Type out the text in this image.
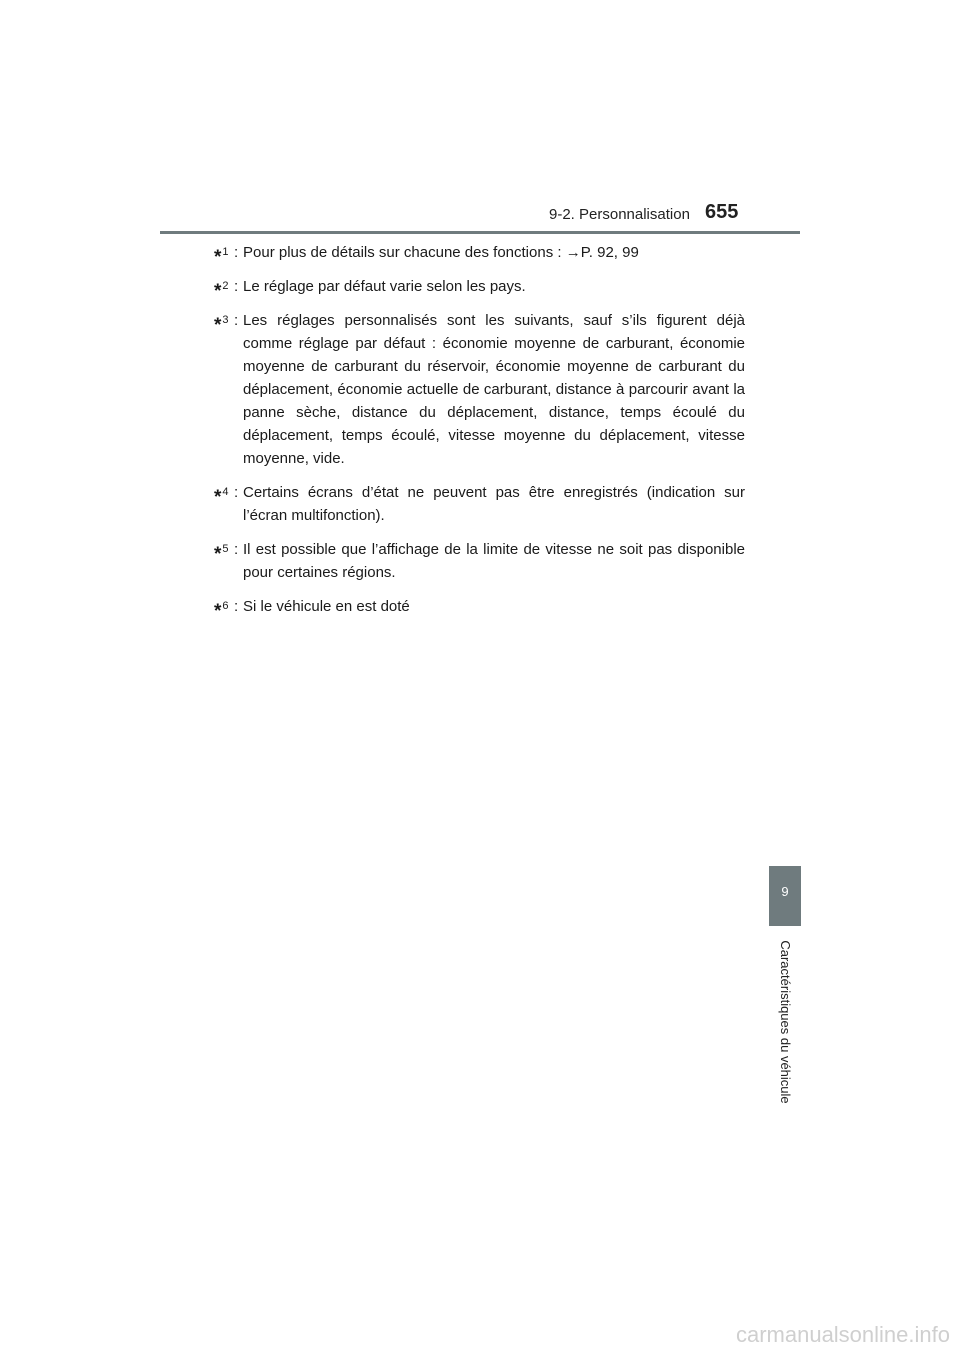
9-2. Personnalisation 655
*$^1$ : Pour plus de détails sur chacune des fonctions : →P. 92, 99
*$^2$ : Le réglage par défaut varie selon les pays.
*$^3$ : Les réglages personnalisés sont les suivants, sauf s’ils figurent déjà comme réglage par défaut : économie moyenne de carburant, économie moyenne de carburant du réservoir, économie moyenne de carburant du déplacement, économie actuelle de carburant, distance à parcourir avant la panne sèche, distance du déplacement, distance, temps écoulé du déplacement, temps écoulé, vitesse moyenne du déplacement, vitesse moyenne, vide.
*$^4$ : Certains écrans d’état ne peuvent pas être enregistrés (indication sur l’écran multifonction).
*$^5$ : Il est possible que l’affichage de la limite de vitesse ne soit pas disponible pour certaines régions.
*$^6$ : Si le véhicule en est doté
9
Caractéristiques du véhicule
carmanualsonline.info
